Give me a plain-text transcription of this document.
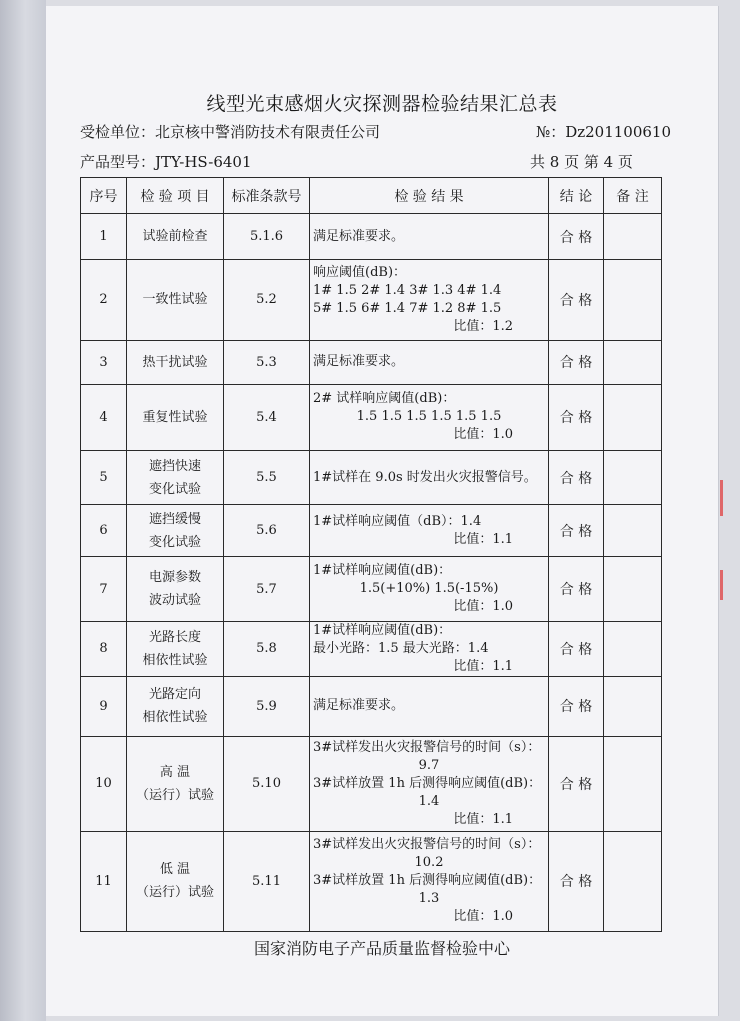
线型光束感烟火灾探测器检验结果汇总表
受检单位：北京核中警消防技术有限责任公司	№：Dz201100610
产品型号：JTY-HS-6401	共 8 页 第 4 页
序号	检 验 项 目	标准条款号	检 验 结 果	结 论	备 注
1	试验前检查	5.1.6	满足标准要求。	合 格	
2	一致性试验	5.2	响应阈值(dB)：
1# 1.5 2# 1.4 3# 1.3 4# 1.4
5# 1.5 6# 1.4 7# 1.2 8# 1.5
比值：1.2	合 格	
3	热干扰试验	5.3	满足标准要求。	合 格	
4	重复性试验	5.4	2# 试样响应阈值(dB)：
1.5 1.5 1.5 1.5 1.5 1.5
比值：1.0	合 格	
5	遮挡快速
变化试验	5.5	1#试样在 9.0s 时发出火灾报警信号。	合 格	
6	遮挡缓慢
变化试验	5.6	1#试样响应阈值（dB）：1.4
比值：1.1	合 格	
7	电源参数
波动试验	5.7	1#试样响应阈值(dB)：
1.5(+10%) 1.5(-15%)
比值：1.0	合 格	
8	光路长度
相依性试验	5.8	1#试样响应阈值(dB)：
最小光路：1.5 最大光路：1.4
比值：1.1	合 格	
9	光路定向
相依性试验	5.9	满足标准要求。	合 格	
10	高 温
（运行）试验	5.10	3#试样发出火灾报警信号的时间（s）：
9.7
3#试样放置 1h 后测得响应阈值(dB)：
1.4
比值：1.1	合 格	
11	低 温
（运行）试验	5.11	3#试样发出火灾报警信号的时间（s）：
10.2
3#试样放置 1h 后测得响应阈值(dB)：
1.3
比值：1.0	合 格	
国家消防电子产品质量监督检验中心
